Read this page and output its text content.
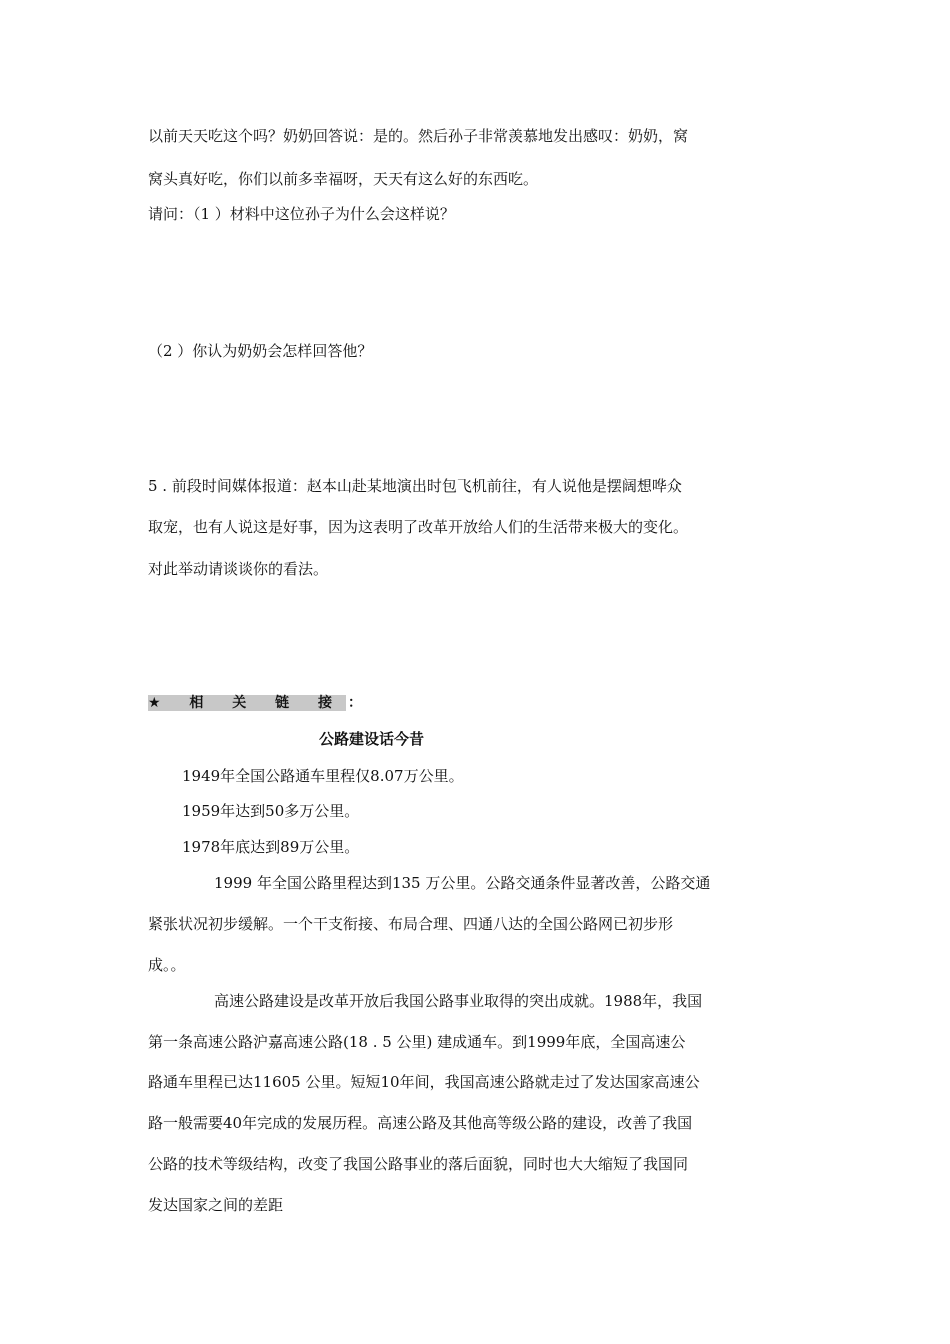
以前天天吃这个吗？奶奶回答说：是的。然后孙子非常羡慕地发出感叹：奶奶，窝
窝头真好吃，你们以前多幸福呀，天天有这么好的东西吃。
请问：（1 ）材料中这位孙子为什么会这样说？
（2 ）你认为奶奶会怎样回答他？
5 . 前段时间媒体报道：赵本山赴某地演出时包飞机前往，有人说他是摆阔想哗众
取宠，也有人说这是好事，因为这表明了改革开放给人们的生活带来极大的变化。
对此举动请谈谈你的看法。
★ 相 关 链 接 ：
公路建设话今昔
1949年全国公路通车里程仅8.07万公里。
1959年达到50多万公里。
1978年底达到89万公里。
1999 年全国公路里程达到135 万公里。公路交通条件显著改善，公路交通
紧张状况初步缓解。一个干支衔接、布局合理、四通八达的全国公路网已初步形
成。。
高速公路建设是改革开放后我国公路事业取得的突出成就。1988年，我国
第一条高速公路沪嘉高速公路(18 . 5 公里) 建成通车。到1999年底，全国高速公
路通车里程已达11605 公里。短短10年间，我国高速公路就走过了发达国家高速公
路一般需要40年完成的发展历程。高速公路及其他高等级公路的建设，改善了我国
公路的技术等级结构，改变了我国公路事业的落后面貌，同时也大大缩短了我国同
发达国家之间的差距
